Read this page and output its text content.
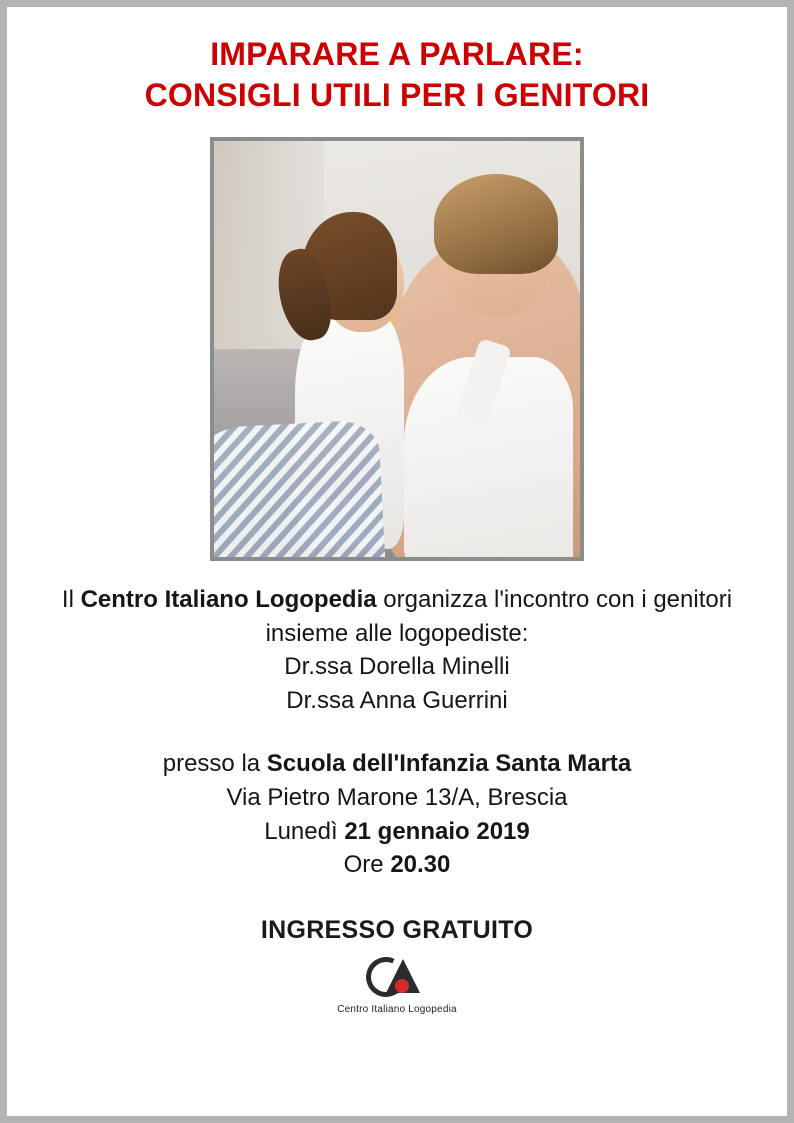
IMPARARE A PARLARE:
CONSIGLI UTILI PER I GENITORI

Il Centro Italiano Logopedia organizza l'incontro con i genitori insieme alle logopediste:

Dr.ssa Dorella Minelli

Dr.ssa Anna Guerrini

presso la Scuola dell'Infanzia Santa Marta

Via Pietro Marone 13/A, Brescia

Lunedì 21 gennaio 2019

Ore 20.30

INGRESSO GRATUITO
Centro Italiano Logopedia
